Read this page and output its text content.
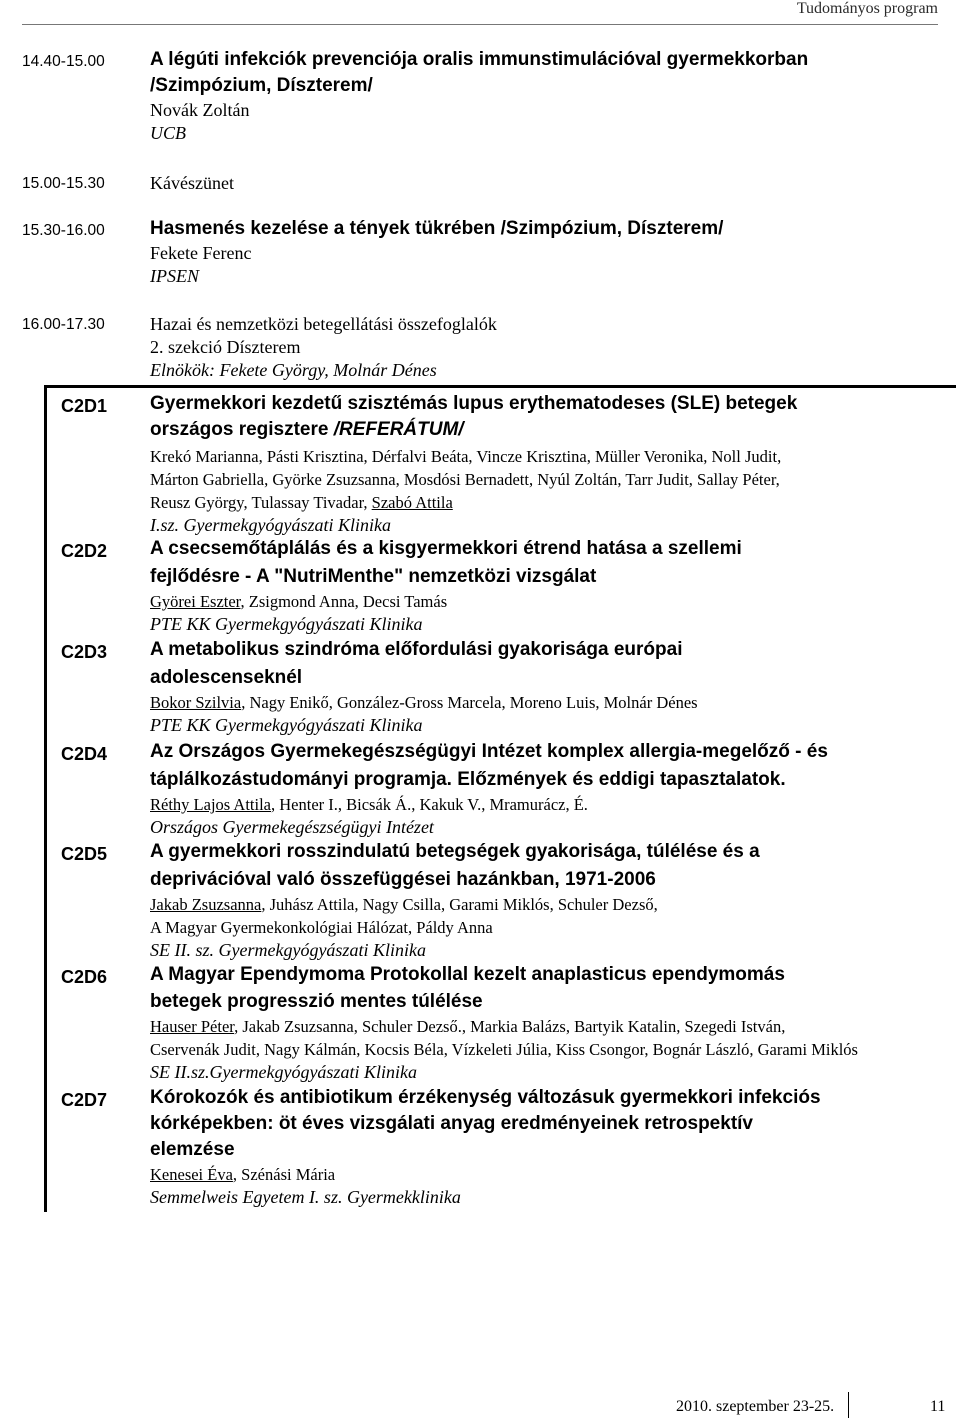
Tudományos program
14.40-15.00 A légúti infekciók prevenciója oralis immunstimulációval gyermekkorban
/Szimpózium, Díszterem/
Novák Zoltán
UCB
15.00-15.30	Kávészünet
15.30-16.00 Hasmenés kezelése a tények tükrében /Szimpózium, Díszterem/
Fekete Ferenc
IPSEN
16.00-17.30	Hazai és nemzetközi betegellátási összefoglalók
2. szekció Díszterem
Elnökök: Fekete György, Molnár Dénes
C2D1 Gyermekkori kezdetű szisztémás lupus erythematodeses (SLE) betegek
országos regisztere /REFERÁTUM/
Krekó Marianna, Pásti Krisztina, Dérfalvi Beáta, Vincze Krisztina, Müller Veronika, Noll Judit,
Márton Gabriella, Györke Zsuzsanna, Mosdósi Bernadett, Nyúl Zoltán, Tarr Judit, Sallay Péter,
Reusz György, Tulassay Tivadar, Szabó Attila
I.sz. Gyermekgyógyászati Klinika
C2D2 A csecsemőtáplálás és a kisgyermekkori étrend hatása a szellemi
fejlődésre - A "NutriMenthe" nemzetközi vizsgálat
Györei Eszter, Zsigmond Anna, Decsi Tamás
PTE KK Gyermekgyógyászati Klinika
C2D3 A metabolikus szindróma előfordulási gyakorisága európai
adolescenseknél
Bokor Szilvia, Nagy Enikő, González-Gross Marcela, Moreno Luis, Molnár Dénes
PTE KK Gyermekgyógyászati Klinika
C2D4 Az Országos Gyermekegészségügyi Intézet komplex allergia-megelőző - és
táplálkozástudományi programja. Előzmények és eddigi tapasztalatok.
Réthy Lajos Attila, Henter I., Bicsák Á., Kakuk V., Mramurácz, É.
Országos Gyermekegészségügyi Intézet
C2D5 A gyermekkori rosszindulatú betegségek gyakorisága, túlélése és a
deprivációval való összefüggései hazánkban, 1971-2006
Jakab Zsuzsanna, Juhász Attila, Nagy Csilla, Garami Miklós, Schuler Dezső,
A Magyar Gyermekonkológiai Hálózat, Páldy Anna
SE II. sz. Gyermekgyógyászati Klinika
C2D6 A Magyar Ependymoma Protokollal kezelt anaplasticus ependymomás
betegek progresszió mentes túlélése
Hauser Péter, Jakab Zsuzsanna, Schuler Dezső., Markia Balázs, Bartyik Katalin, Szegedi István,
Cservenák Judit, Nagy Kálmán, Kocsis Béla, Vízkeleti Júlia, Kiss Csongor, Bognár László, Garami Miklós
SE II.sz.Gyermekgyógyászati Klinika
C2D7 Kórokozók és antibiotikum érzékenység változásuk gyermekkori infekciós
kórképekben: öt éves vizsgálati anyag eredményeinek retrospektív
elemzése
Kenesei Éva, Szénási Mária
Semmelweis Egyetem I. sz. Gyermekklinika
2010. szeptember 23-25.	11
